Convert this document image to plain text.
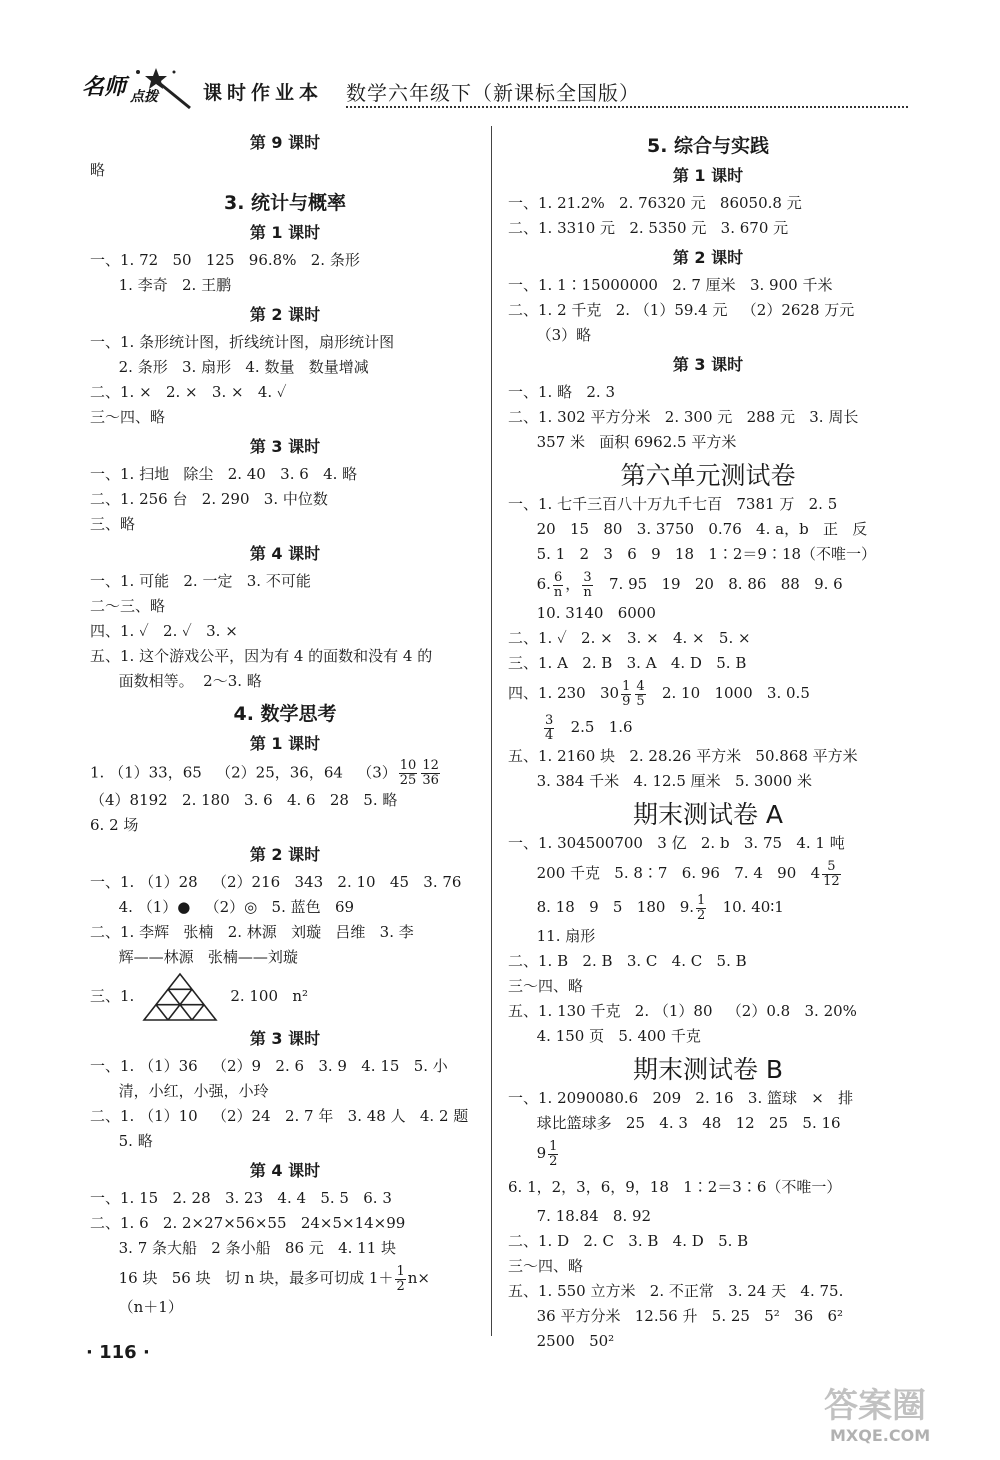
名师 点拨 课时作业本 数学六年级下（新课标全国版）
第 9 课时
略
3. 统计与概率
第 1 课时
一、1. 72   50   125   96.8%   2. 条形
1. 李奇   2. 王鹏
第 2 课时
一、1. 条形统计图，折线统计图，扇形统计图
2. 条形   3. 扇形   4. 数量   数量增减
二、1. ×   2. ×   3. ×   4. ✓
三～四、略
第 3 课时
一、1. 扫地   除尘   2. 40   3. 6   4. 略
二、1. 256 台   2. 290   3. 中位数
三、略
第 4 课时
一、1. 可能   2. 一定   3. 不可能
二～三、略
四、1. ✓   2. ✓   3. ×
五、1. 这个游戏公平，因为有 4 的面数和没有 4 的
面数相等。  2～3. 略
4. 数学思考
第 1 课时
1. （1）33，65   （2）25，36，64   $(3) \frac{10}{25} \frac{12}{36}$
（4）8192   2. 180   3. 6   4. 6   28   5. 略
6. 2 场
第 2 课时
一、1. （1）28   （2）216   343   2. 10   45   3. 76
4. （1）●   （2）◎   5. 蓝色   69
二、1. 李辉   张楠   2. 林源   刘璇   吕维   3. 李
辉——林源   张楠——刘璇
三、1.	2. 100   n²
第 3 课时
一、1. （1）36   （2）9   2. 6   3. 9   4. 15   5. 小
清，小红，小强，小玲
二、1. （1）10   （2）24   2. 7 年   3. 48 人   4. 2 题
5. 略
第 4 课时
一、1. 15   2. 28   3. 23   4. 4   5. 5   6. 3
二、1. 6   2. 2×27×56×55   24×5×14×99
3. 7 条大船   2 条小船   86 元   4. 11 块
16 块   56 块   切 n 块，最多可切成 $1+ \frac{1}{2} n\times$
（n＋1）
5. 综合与实践
第 1 课时
一、1. 21.2%   2. 76320 元   86050.8 元
二、1. 3310 元   2. 5350 元   3. 670 元
第 2 课时
一、1. 1∶15000000   2. 7 厘米   3. 900 千米
二、1. 2 千克   2. （1）59.4 元   （2）2628 万元
（3）略
第 3 课时
一、1. 略   2. 3
二、1. 302 平方分米   2. 300 元   288 元   3. 周长
357 米   面积 6962.5 平方米
第六单元测试卷
一、1. 七千三百八十万九千七百   7381 万   2. 5
20   15   80   3. 3750   0.76   4. a，b   正   反
5. 1   2   3   6   9   18   1∶2＝9∶18（不唯一）
6. $\frac{6}{n}$ ， $\frac{3}{n} 7$. 95   19   20   8. 86   88   9. 6
10. 3140   6000
二、1. ✓   2. ×   3. ×   4. ×   5. ×
三、1. A   2. B   3. A   4. D   5. B
四、1. 230   $30 \frac{1}{9} \frac{4}{5} 2$. 10   1000   3. 0.5
$\frac{3}{4} 2.5$   1.6
五、1. 2160 块   2. 28.26 平方米   50.868 平方米
3. 384 千米   4. 12.5 厘米   5. 3000 米
期末测试卷 A
一、1. 304500700   3 亿   2. b   3. 75   4. 1 吨
200 千克   5. 8∶7   6. 96   7. 4   90   $4 \frac{5}{12}$
8. 18   9   5   180   9. $\frac{1}{2} 10$. 40∶1
11. 扇形
二、1. B   2. B   3. C   4. C   5. B
三～四、略
五、1. 130 千克   2. （1）80   （2）0.8   3. 20%
4. 150 页   5. 400 千克
期末测试卷 B
一、1. 2090080.6   209   2. 16   3. 篮球   ×   排
球比篮球多   25   4. 3   48   12   25   5. 16
$9 \frac{1}{2} 6$. 1，2，3，6，9，18   1∶2＝3∶6（不唯一）
7. 18.84   8. 92
二、1. D   2. C   3. B   4. D   5. B
三～四、略
五、1. 550 立方米   2. 不正常   3. 24 天   4. 75.
36 平方分米   12.56 升   5. 25   5²   36   6²
2500   50²
· 116 ·
答案圈
MXQE.COM
